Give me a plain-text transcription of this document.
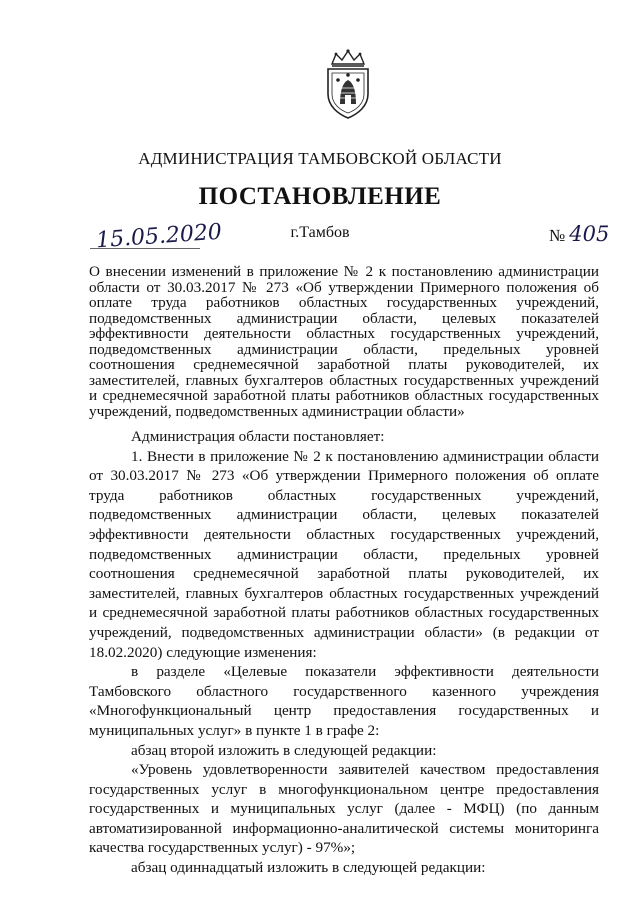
АДМИНИСТРАЦИЯ ТАМБОВСКОЙ ОБЛАСТИ
ПОСТАНОВЛЕНИЕ
15.05.2020	г.Тамбов	№ 405
О внесении изменений в приложение № 2 к постановлению администрации области от 30.03.2017 № 273 «Об утверждении Примерного положения об оплате труда работников областных государственных учреждений, подведомственных администрации области, целевых показателей эффективности деятельности областных государственных учреждений, подведомственных администрации области, предельных уровней соотношения среднемесячной заработной платы руководителей, их заместителей, главных бухгалтеров областных государственных учреждений и среднемесячной заработной платы работников областных государственных учреждений, подведомственных администрации области»

Администрация области постановляет:

1. Внести в приложение № 2 к постановлению администрации области от 30.03.2017 № 273 «Об утверждении Примерного положения об оплате труда работников областных государственных учреждений, подведомственных администрации области, целевых показателей эффективности деятельности областных государственных учреждений, подведомственных администрации области, предельных уровней соотношения среднемесячной заработной платы руководителей, их заместителей, главных бухгалтеров областных государственных учреждений и среднемесячной заработной платы работников областных государственных учреждений, подведомственных администрации области» (в редакции от 18.02.2020) следующие изменения:

в разделе «Целевые показатели эффективности деятельности Тамбовского областного государственного казенного учреждения «Многофункциональный центр предоставления государственных и муниципальных услуг» в пункте 1 в графе 2:

абзац второй изложить в следующей редакции:

«Уровень удовлетворенности заявителей качеством предоставления государственных услуг в многофункциональном центре предоставления государственных и муниципальных услуг (далее - МФЦ) (по данным автоматизированной информационно-аналитической системы мониторинга качества государственных услуг) - 97%»;

абзац одиннадцатый изложить в следующей редакции:
